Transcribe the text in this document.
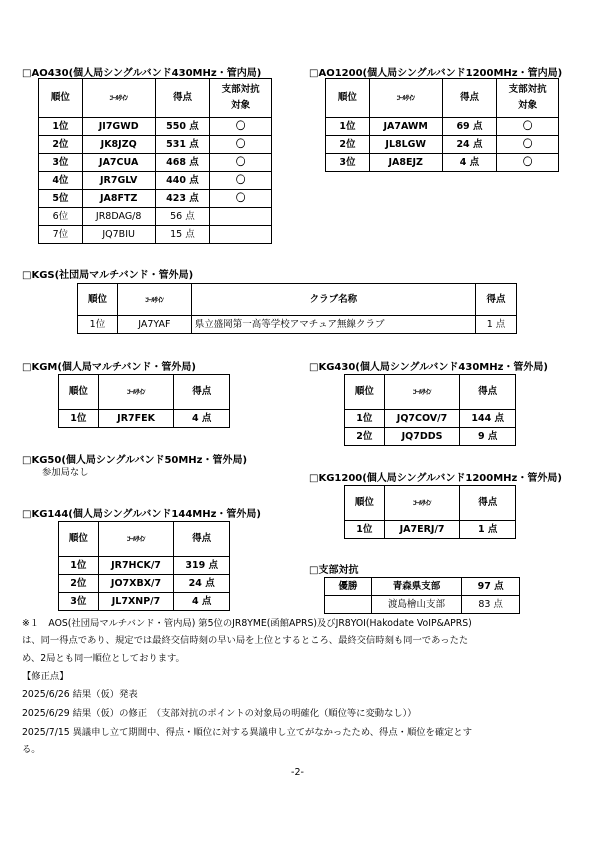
□AO430(個人局シングルバンド430MHz・管内局)
順位	ｺｰﾙｻｲﾝ	得点	支部対抗
対象
1位	JI7GWD	550 点	〇
2位	JK8JZQ	531 点	〇
3位	JA7CUA	468 点	〇
4位	JR7GLV	440 点	〇
5位	JA8FTZ	423 点	〇
6位	JR8DAG/8	56 点	
7位	JQ7BIU	15 点	
□AO1200(個人局シングルバンド1200MHz・管内局)
順位	ｺｰﾙｻｲﾝ	得点	支部対抗
対象
1位	JA7AWM	69 点	〇
2位	JL8LGW	24 点	〇
3位	JA8EJZ	4 点	〇
□KGS(社団局マルチバンド・管外局)
順位	ｺｰﾙｻｲﾝ	クラブ名称	得点
1位	JA7YAF	県立盛岡第一高等学校アマチュア無線クラブ	1 点
□KGM(個人局マルチバンド・管外局)
順位	ｺｰﾙｻｲﾝ	得点
1位	JR7FEK	4 点
□KG430(個人局シングルバンド430MHz・管外局)
順位	ｺｰﾙｻｲﾝ	得点
1位	JQ7COV/7	144 点
2位	JQ7DDS	9 点
□KG50(個人局シングルバンド50MHz・管外局)
参加局なし
□KG1200(個人局シングルバンド1200MHz・管外局)
順位	ｺｰﾙｻｲﾝ	得点
1位	JA7ERJ/7	1 点
□KG144(個人局シングルバンド144MHz・管外局)
順位	ｺｰﾙｻｲﾝ	得点
1位	JR7HCK/7	319 点
2位	JO7XBX/7	24 点
3位	JL7XNP/7	4 点
□支部対抗
優勝	青森県支部	97 点
	渡島檜山支部	83 点
※１　AOS(社団局マルチバンド・管内局) 第5位のJR8YME(函館APRS)及びJR8YOI(Hakodate VoIP&APRS)
は、同一得点であり、規定では最終交信時刻の早い局を上位とするところ、最終交信時刻も同一であったた
め、2局とも同一順位としております。
【修正点】
2025/6/26 結果（仮）発表
2025/6/29 結果（仮）の修正　（支部対抗のポイントの対象局の明確化（順位等に変動なし））
2025/7/15 異議申し立て期間中、得点・順位に対する異議申し立てがなかったため、得点・順位を確定とす
る。
-2-
